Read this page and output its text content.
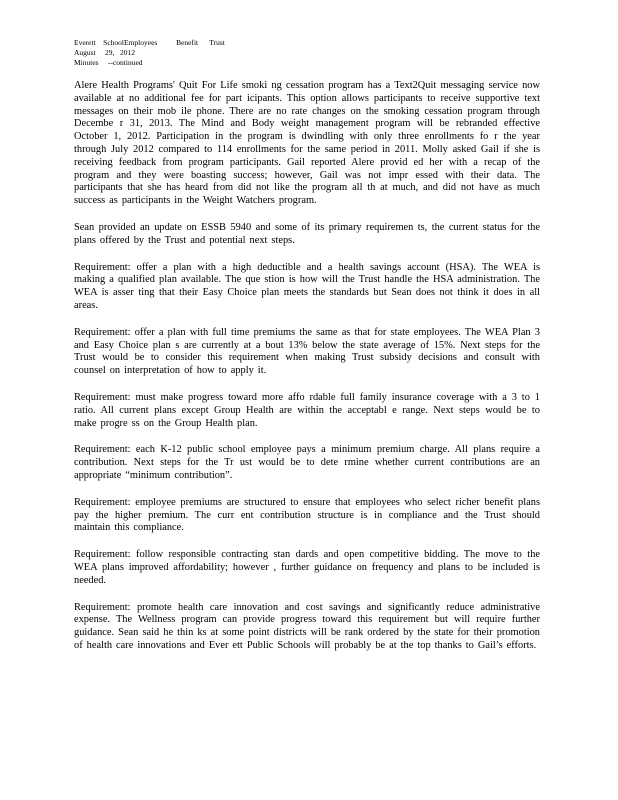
Everett    SchoolEmployees          Benefit      Trust
August     29,   2012
Minutes     --continued

Alere Health Programs' Quit For Life smoki ng cessation program has a Text2Quit messaging service now available at no additional fee for part icipants. This option allows participants to receive supportive text messages on their mob ile phone. There are no rate changes on the smoking cessation program through Decembe r 31, 2013. The Mind and Body weight management program will be rebranded effective October 1, 2012. Participation in the program is dwindling with only three enrollments fo r the year through July 2012 compared to 114 enrollments for the same period in 2011. Molly asked Gail if she is receiving feedback from program participants. Gail reported Alere provid ed her with a recap of the program and they were boasting success; however, Gail was not impr essed with their data. The participants that she has heard from did not like the program all th at much, and did not have as much success as participants in the Weight Watchers program.

Sean provided an update on ESSB 5940 and some of its primary requiremen ts, the current status for the plans offered by the Trust and potential next steps.

Requirement: offer a plan with a high deductible and a health savings account (HSA). The WEA is making a qualified plan available. The que stion is how will the Trust handle the HSA administration. The WEA is asser ting that their Easy Choice plan meets the standards but Sean does not think it does in all areas.

Requirement: offer a plan with full time premiums the same as that for state employees. The WEA Plan 3 and Easy Choice plan s are currently at a bout 13% below the state average of 15%. Next steps for the Trust would be to consider this requirement when making Trust subsidy decisions and consult with counsel on interpretation of how to apply it.

Requirement: must make progress toward more affo rdable full family insurance coverage with a 3 to 1 ratio. All current plans except Group Health are within the acceptabl e range. Next steps would be to make progre ss on the Group Health plan.

Requirement: each K-12 public school employee pays a minimum premium charge. All plans require a contribution. Next steps for the Tr ust would be to dete rmine whether current contributions are an appropriate “minimum contribution”.

Requirement: employee premiums are structured to ensure that employees who select richer benefit plans pay the higher premium. The curr ent contribution structure is in compliance and the Trust should maintain this compliance.

Requirement: follow responsible contracting stan dards and open competitive bidding. The move to the WEA plans improved affordability; however , further guidance on frequency and plans to be included is needed.

Requirement: promote health care innovation and cost savings and significantly reduce administrative expense. The Wellness program can provide progress toward this requirement but will require further guidance. Sean said he thin ks at some point districts will be rank ordered by the state for their promotion of health care innovations and Ever ett Public Schools will probably be at the top thanks to Gail’s efforts.
